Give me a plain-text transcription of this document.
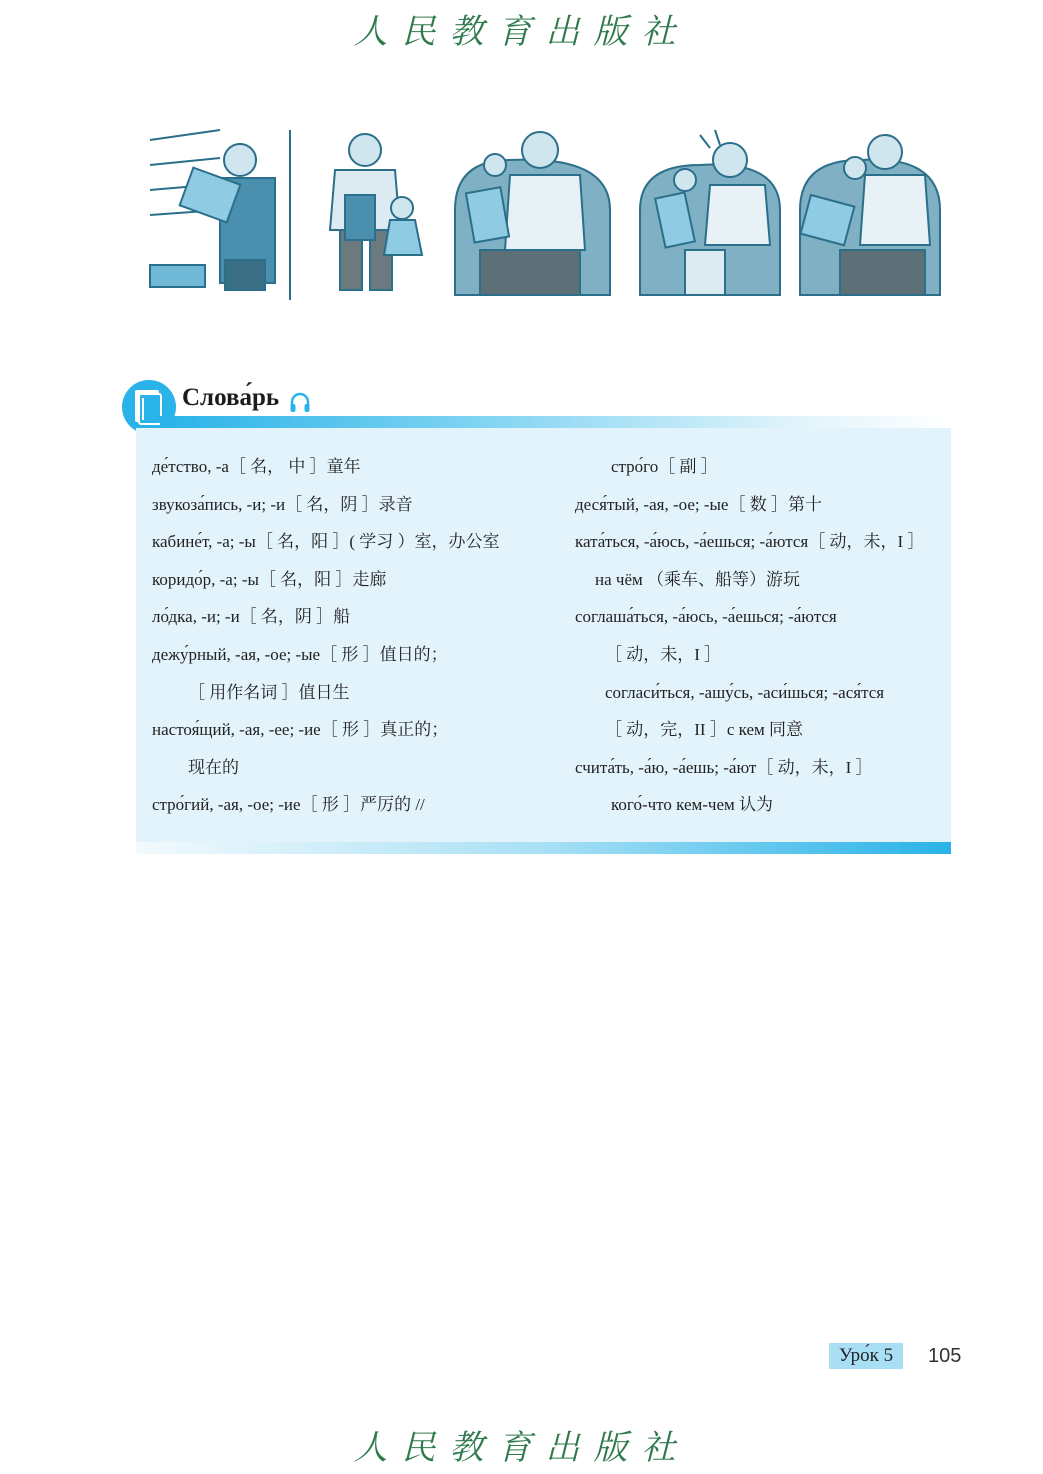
人民教育出版社
Слова́рь
де́тство, -а［ 名， 中 ］童年
звукоза́пись, -и; -и［ 名，阴 ］录音
кабине́т, -а; -ы［ 名，阳 ］( 学习 ）室，办公室
коридо́р, -а; -ы［ 名，阳 ］走廊
ло́дка, -и; -и［ 名，阴 ］船
дежу́рный, -ая, -ое; -ые［ 形 ］值日的；
［ 用作名词 ］值日生
настоя́щий, -ая, -ее; -ие［ 形 ］真正的；
现在的
стро́гий, -ая, -ое; -ие［ 形 ］严厉的 //
стро́го［ 副 ］
деся́тый, -ая, -ое; -ые［ 数 ］第十
ката́ться, -а́юсь, -а́ешься; -а́ются［ 动，未，I ］
на чём （乘车、船等）游玩
соглаша́ться, -а́юсь, -а́ешься; -а́ются
［ 动，未，I ］
согласи́ться, -ашу́сь, -аси́шься; -ася́тся
［ 动，完，II ］с кем 同意
счита́ть, -а́ю, -а́ешь; -а́ют［ 动，未，I ］
кого́-что кем-чем 认为
Уро́к 5	105
人民教育出版社
